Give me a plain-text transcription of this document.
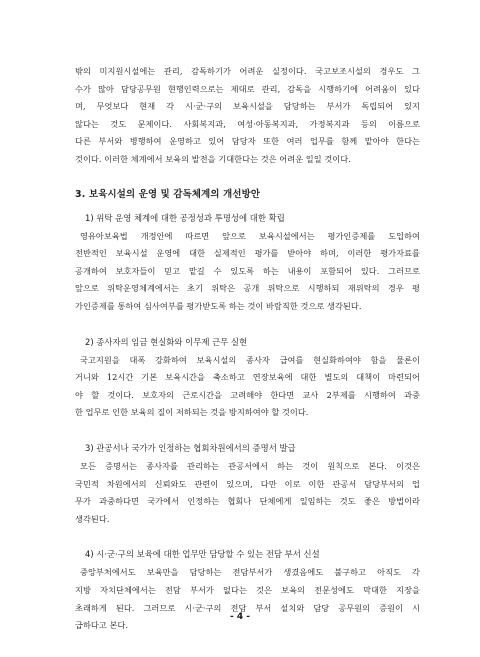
밖의 미지원시설에는 관리, 감독하기가 어려운 실정이다. 국고보조시설의 경우도 그
수가 많아 담당공무원 현행인력으로는 제대로 관리, 감독을 시행하기에 어려움이 있다
며, 무엇보다 현재 각 시·군·구의 보육시설을 담당하는 부서가 독립되어 있지
않다는 것도 문제이다. 사회복지과, 여성·아동복지과, 가정복지과 등의 이름으로
다른 부서와 병행하여 운영하고 있어 담당자 또한 여러 업무를 함께 맡아야 한다는
것이다. 이러한 체계에서 보육의 발전을 기대한다는 것은 어려운 일일 것이다.
3. 보육시설의 운영 및 감독체계의 개선방안
1) 위탁 운영 체계에 대한 공정성과 투명성에 대한 확립
영유아보육법 개정안에 따르면 앞으로 보육시설에서는 평가인증제를 도입하여
전반적인 보육시설 운영에 대한 실제적인 평가를 받아야 하며, 이러한 평가자료를
공개하여 보호자들이 믿고 맡길 수 있도록 하는 내용이 포함되어 있다. 그러므로
앞으로 위탁운영체계에서는 초기 위탁은 공개 위탁으로 시행하되 재위탁의 경우 평
가인증제를 통하여 심사여부를 평가받도록 하는 것이 바람직한 것으로 생각된다.
2) 종사자의 임금 현실화와 이무제 근무 실현
국고지원을 대폭 강화하여 보육시설의 종사자 급여를 현실화하여야 함을 물론이
거니와 12시간 기본 보육시간을 축소하고 연장보육에 대한 별도의 대책이 마련되어
야 할 것이다. 보호자의 근로시간을 고려해야 한다면 교사 2부제를 시행하여 과중
한 업무로 인한 보육의 질이 저하되는 것을 방지하여야 할 것이다.
3) 관공서나 국가가 인정하는 협회차원에서의 증명서 발급
모든 증명서는 종사자를 관리하는 관공서에서 하는 것이 원칙으로 본다. 이것은
국민적 차원에서의 신뢰와도 관련이 있으며, 다만 이로 이한 관공서 담당부서의 업
무가 과중하다면 국가에서 인정하는 협회나 단체에게 일임하는 것도 좋은 방법이라
생각된다.
4) 시·군·구의 보육에 대한 업무만 담당할 수 있는 전담 부서 신설
- 4 -
중앙부처에서도 보육만을 담당하는 전담부서가 생겼음에도 불구하고 아직도 각
지방 자치단체에서는 전담 부서가 없다는 것은 보육의 전문성에도 막대한 지장을
초래하게 된다. 그러므로 시·군·구의 전담 부서 설치와 담당 공무원의 증원이 시
급하다고 본다.
